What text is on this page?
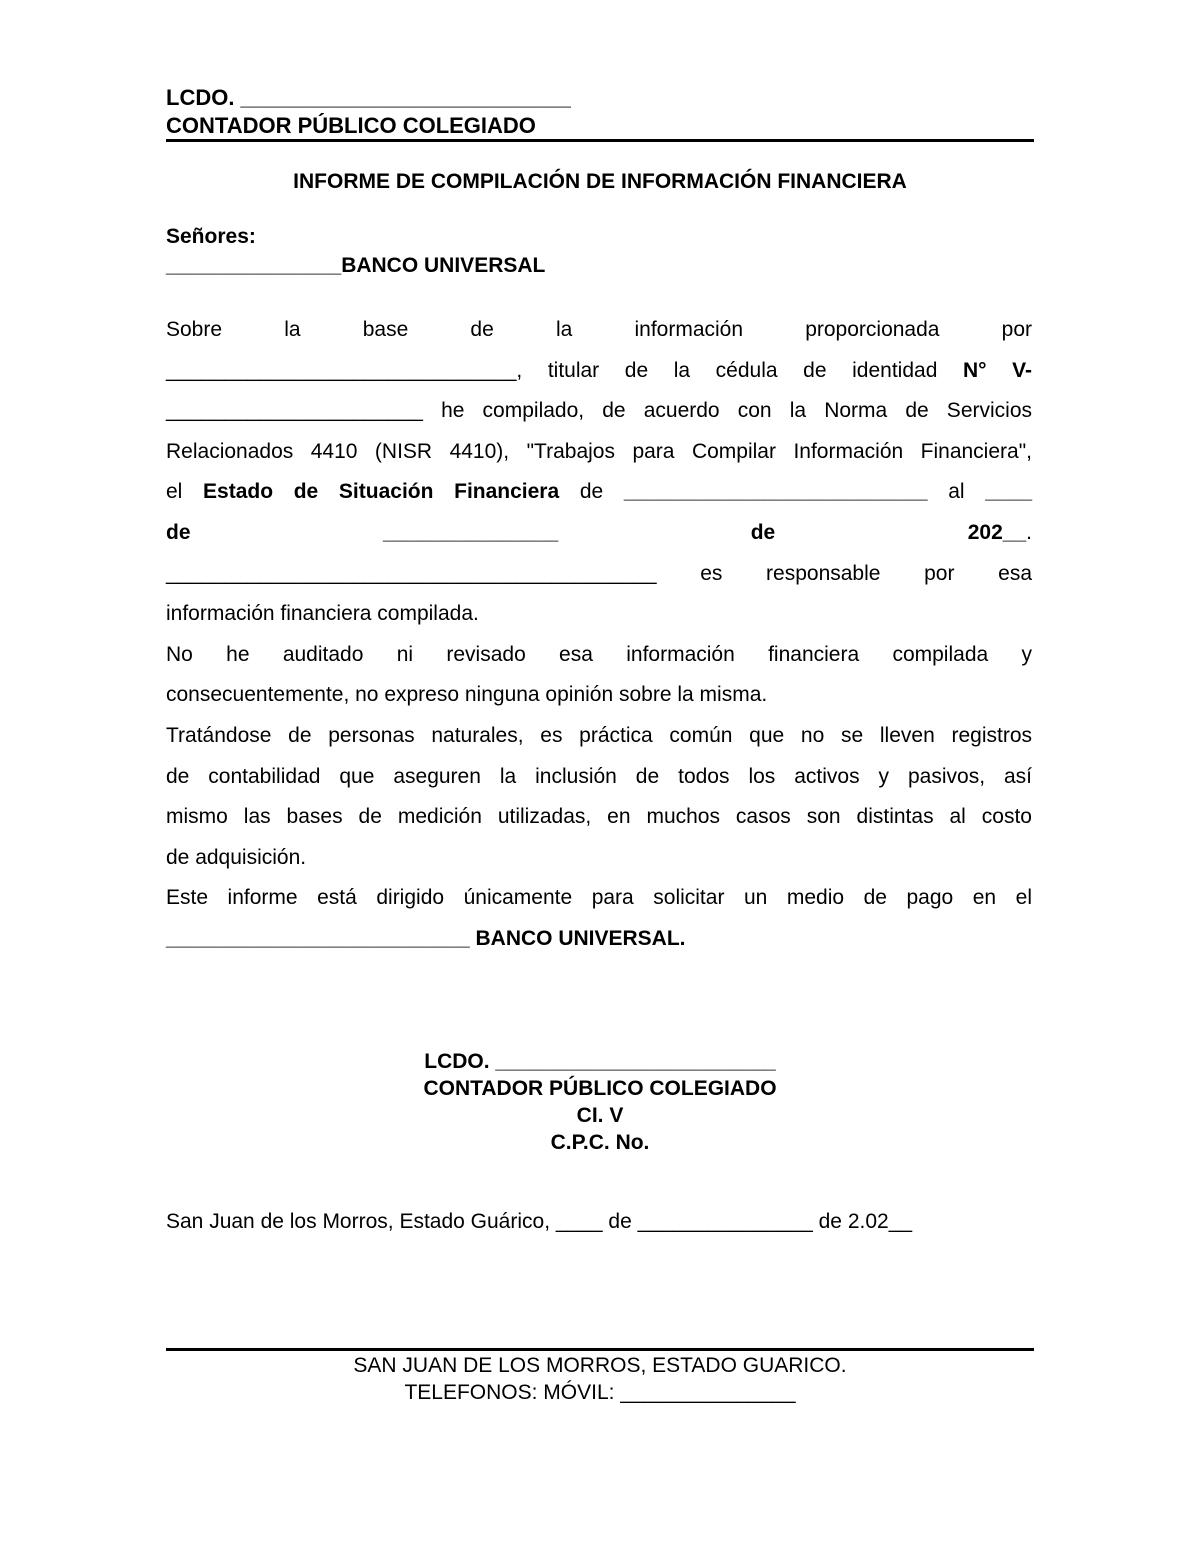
LCDO. ___________________________
CONTADOR PÚBLICO COLEGIADO
INFORME DE COMPILACIÓN DE INFORMACIÓN FINANCIERA
Señores:
_______________BANCO UNIVERSAL

Sobre la base de la información proporcionada por

______________________________, titular de la cédula de identidad N° V-

______________________ he compilado, de acuerdo con la Norma de Servicios

Relacionados 4410 (NISR 4410), "Trabajos para Compilar Información Financiera",

el Estado de Situación Financiera de __________________________ al ____

de	_______________	de	202__.

__________________________________________ es responsable por esa

información financiera compilada.

No he auditado ni revisado esa información financiera compilada y

consecuentemente, no expreso ninguna opinión sobre la misma.

Tratándose de personas naturales, es práctica común que no se lleven registros

de contabilidad que aseguren la inclusión de todos los activos y pasivos, así

mismo las bases de medición utilizadas, en muchos casos son distintas al costo

de adquisición.

Este informe está dirigido únicamente para solicitar un medio de pago en el

__________________________ BANCO UNIVERSAL.

LCDO. ________________________
CONTADOR PÚBLICO COLEGIADO
CI. V
C.P.C. No.
San Juan de los Morros, Estado Guárico, ____ de _______________ de 2.02__
SAN JUAN DE LOS MORROS, ESTADO GUARICO.
TELEFONOS: MÓVIL: _______________
